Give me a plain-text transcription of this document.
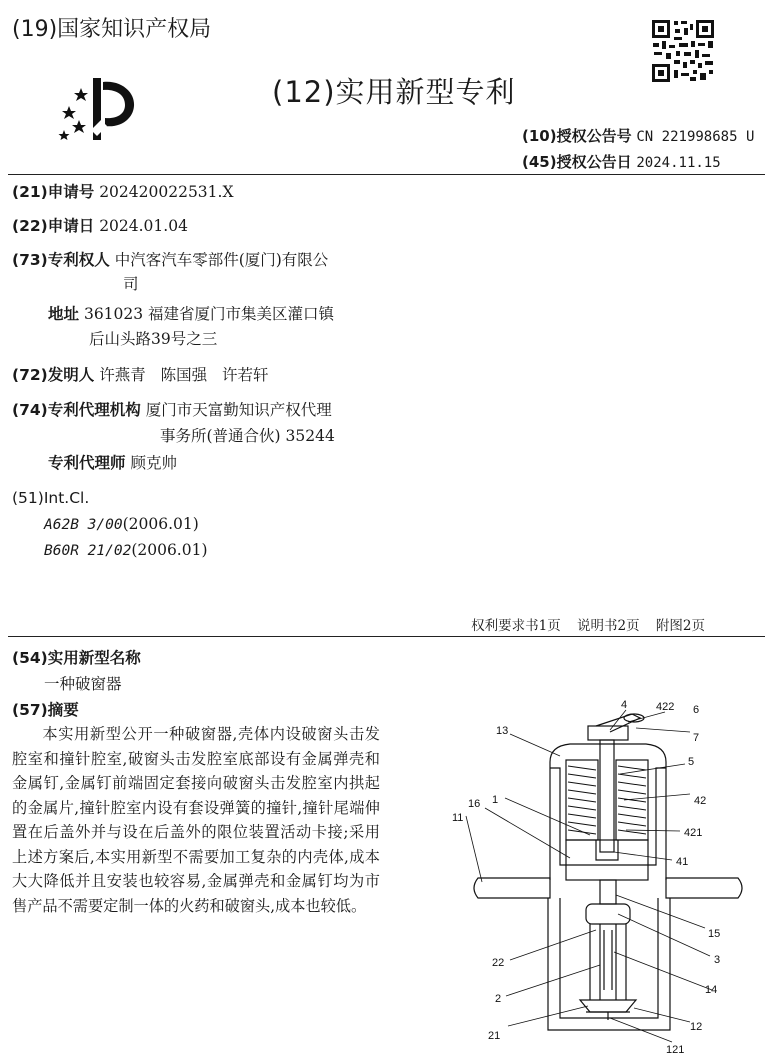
(19)国家知识产权局
(12)实用新型专利
(10)授权公告号 CN 221998685 U
(45)授权公告日 2024.11.15
(21)申请号 202420022531.X
(22)申请日 2024.01.04
(73)专利权人 中汽客汽车零部件(厦门)有限公
司
地址 361023 福建省厦门市集美区灌口镇
后山头路39号之三
(72)发明人 许燕青 陈国强 许若轩
(74)专利代理机构 厦门市天富勤知识产权代理
事务所(普通合伙) 35244
专利代理师 顾克帅
(51)Int.Cl.
A62B 3/00(2006.01)
B60R 21/02(2006.01)
权利要求书1页 说明书2页 附图2页
(54)实用新型名称
一种破窗器
(57)摘要
本实用新型公开一种破窗器,壳体内设破窗头击发腔室和撞针腔室,破窗头击发腔室底部设有金属弹壳和金属钉,金属钉前端固定套接向破窗头击发腔室内拱起的金属片,撞针腔室内设有套设弹簧的撞针,撞针尾端伸置在后盖外并与设在后盖外的限位装置活动卡接;采用上述方案后,本实用新型不需要加工复杂的内壳体,成本大大降低并且安装也较容易,金属弹壳和金属钉均为市售产品不需要定制一体的火药和破窗头,成本也较低。
4	422
7
6
13
5
1	42
16
11
421
41
15
22	3
2
14
21
12
121
